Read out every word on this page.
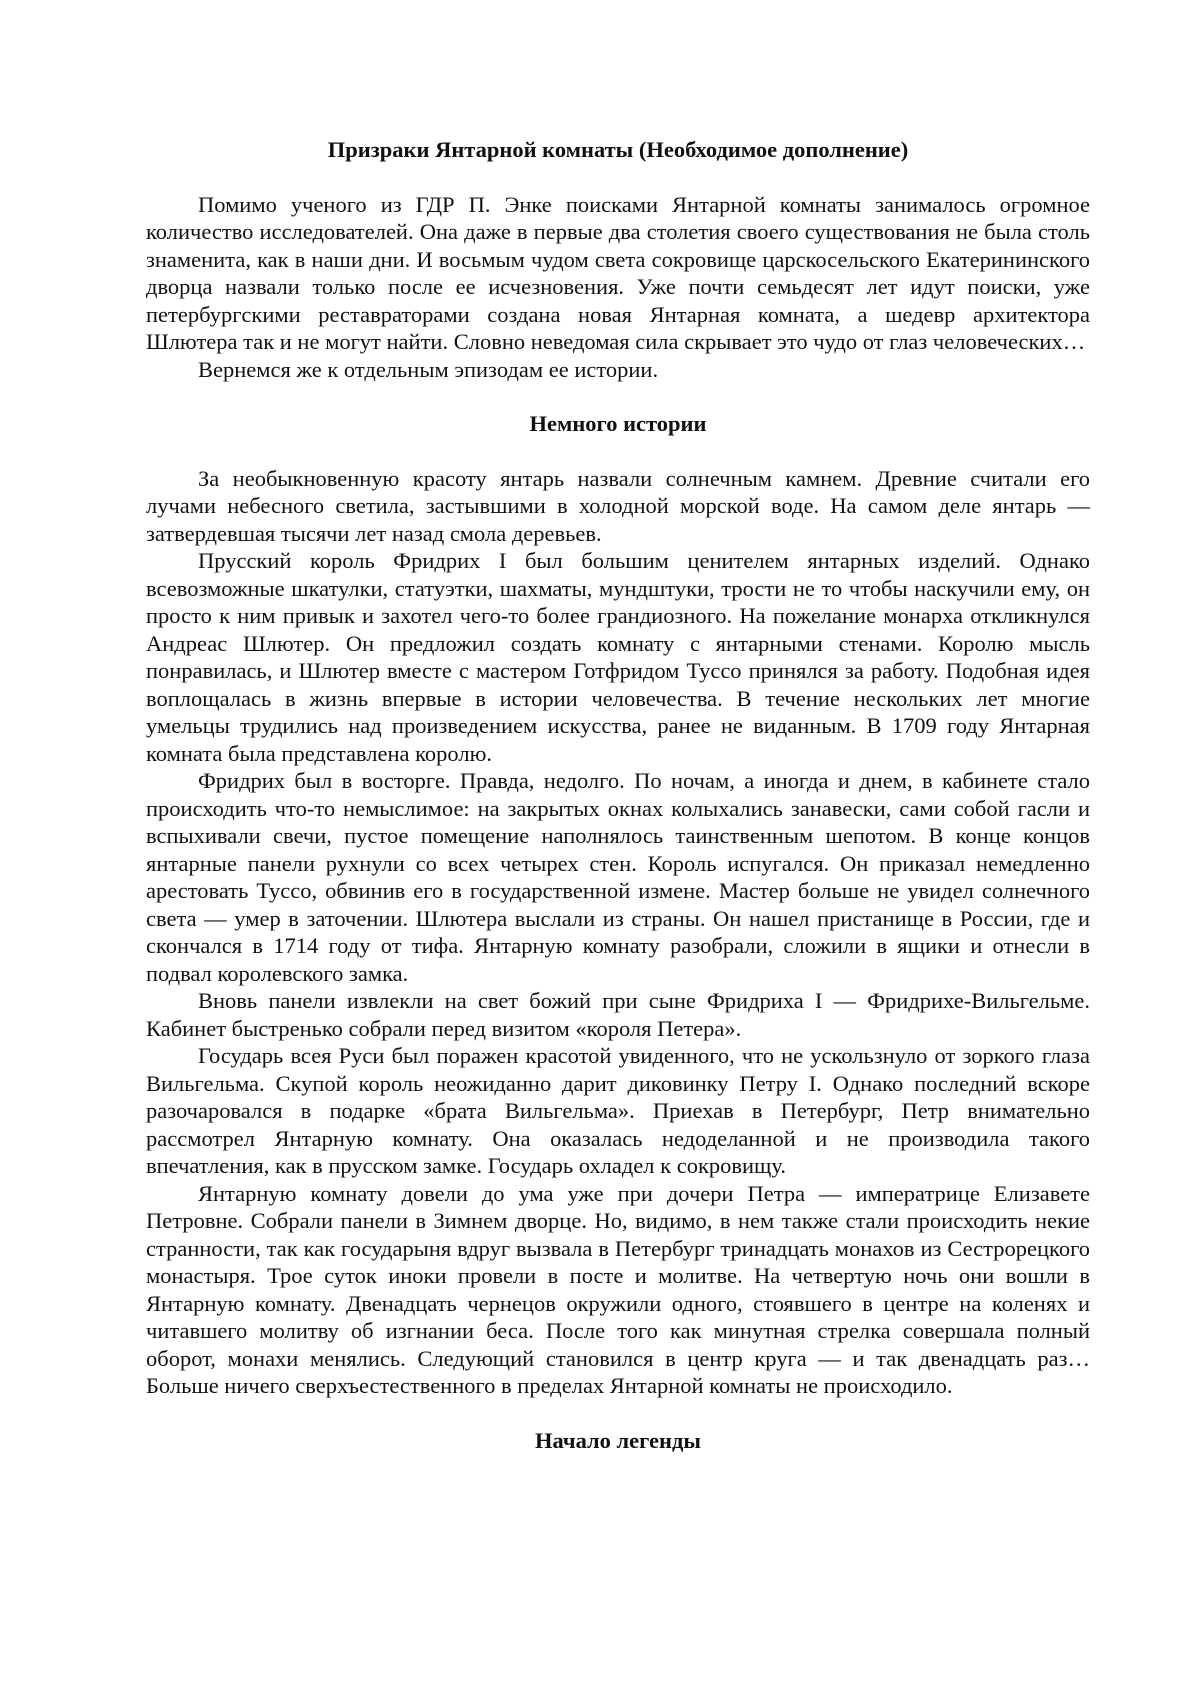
Призраки Янтарной комнаты (Необходимое дополнение)

Помимо ученого из ГДР П. Энке поисками Янтарной комнаты занималось огромное количество исследователей. Она даже в первые два столетия своего существования не была столь знаменита, как в наши дни. И восьмым чудом света сокровище царскосельского Екатерининского дворца назвали только после ее исчезновения. Уже почти семьдесят лет идут поиски, уже петербургскими реставраторами создана новая Янтарная комната, а шедевр архитектора Шлютера так и не могут найти. Словно неведомая сила скрывает это чудо от глаз человеческих…

Вернемся же к отдельным эпизодам ее истории.

Немного истории

За необыкновенную красоту янтарь назвали солнечным камнем. Древние считали его лучами небесного светила, застывшими в холодной морской воде. На самом деле янтарь — затвердевшая тысячи лет назад смола деревьев.

Прусский король Фридрих I был большим ценителем янтарных изделий. Однако всевозможные шкатулки, статуэтки, шахматы, мундштуки, трости не то чтобы наскучили ему, он просто к ним привык и захотел чего-то более грандиозного. На пожелание монарха откликнулся Андреас Шлютер. Он предложил создать комнату с янтарными стенами. Королю мысль понравилась, и Шлютер вместе с мастером Готфридом Туссо принялся за работу. Подобная идея воплощалась в жизнь впервые в истории человечества. В течение нескольких лет многие умельцы трудились над произведением искусства, ранее не виданным. В 1709 году Янтарная комната была представлена королю.

Фридрих был в восторге. Правда, недолго. По ночам, а иногда и днем, в кабинете стало происходить что-то немыслимое: на закрытых окнах колыхались занавески, сами собой гасли и вспыхивали свечи, пустое помещение наполнялось таинственным шепотом. В конце концов янтарные панели рухнули со всех четырех стен. Король испугался. Он приказал немедленно арестовать Туссо, обвинив его в государственной измене. Мастер больше не увидел солнечного света — умер в заточении. Шлютера выслали из страны. Он нашел пристанище в России, где и скончался в 1714 году от тифа. Янтарную комнату разобрали, сложили в ящики и отнесли в подвал королевского замка.

Вновь панели извлекли на свет божий при сыне Фридриха I — Фридрихе-Вильгельме. Кабинет быстренько собрали перед визитом «короля Петера».

Государь всея Руси был поражен красотой увиденного, что не ускользнуло от зоркого глаза Вильгельма. Скупой король неожиданно дарит диковинку Петру I. Однако последний вскоре разочаровался в подарке «брата Вильгельма». Приехав в Петербург, Петр внимательно рассмотрел Янтарную комнату. Она оказалась недоделанной и не производила такого впечатления, как в прусском замке. Государь охладел к сокровищу.

Янтарную комнату довели до ума уже при дочери Петра — императрице Елизавете Петровне. Собрали панели в Зимнем дворце. Но, видимо, в нем также стали происходить некие странности, так как государыня вдруг вызвала в Петербург тринадцать монахов из Сестрорецкого монастыря. Трое суток иноки провели в посте и молитве. На четвертую ночь они вошли в Янтарную комнату. Двенадцать чернецов окружили одного, стоявшего в центре на коленях и читавшего молитву об изгнании беса. После того как минутная стрелка совершала полный оборот, монахи менялись. Следующий становился в центр круга — и так двенадцать раз… Больше ничего сверхъестественного в пределах Янтарной комнаты не происходило.

Начало легенды
